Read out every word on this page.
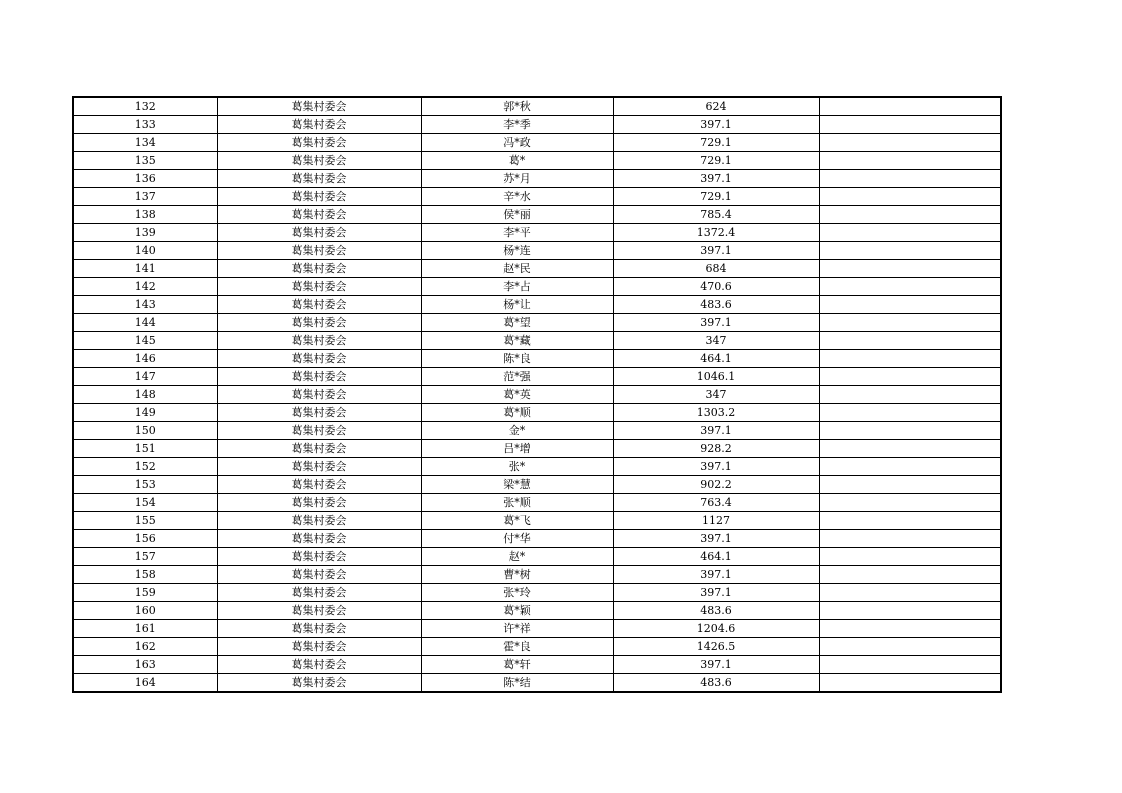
132	葛集村委会	郭*秋	624	
133	葛集村委会	李*季	397.1	
134	葛集村委会	冯*政	729.1	
135	葛集村委会	葛*	729.1	
136	葛集村委会	苏*月	397.1	
137	葛集村委会	辛*水	729.1	
138	葛集村委会	侯*丽	785.4	
139	葛集村委会	李*平	1372.4	
140	葛集村委会	杨*连	397.1	
141	葛集村委会	赵*民	684	
142	葛集村委会	李*占	470.6	
143	葛集村委会	杨*让	483.6	
144	葛集村委会	葛*望	397.1	
145	葛集村委会	葛*藏	347	
146	葛集村委会	陈*良	464.1	
147	葛集村委会	范*强	1046.1	
148	葛集村委会	葛*英	347	
149	葛集村委会	葛*顺	1303.2	
150	葛集村委会	金*	397.1	
151	葛集村委会	吕*增	928.2	
152	葛集村委会	张*	397.1	
153	葛集村委会	梁*慧	902.2	
154	葛集村委会	张*顺	763.4	
155	葛集村委会	葛*飞	1127	
156	葛集村委会	付*华	397.1	
157	葛集村委会	赵*	464.1	
158	葛集村委会	曹*树	397.1	
159	葛集村委会	张*玲	397.1	
160	葛集村委会	葛*颖	483.6	
161	葛集村委会	许*祥	1204.6	
162	葛集村委会	霍*良	1426.5	
163	葛集村委会	葛*轩	397.1	
164	葛集村委会	陈*结	483.6	
